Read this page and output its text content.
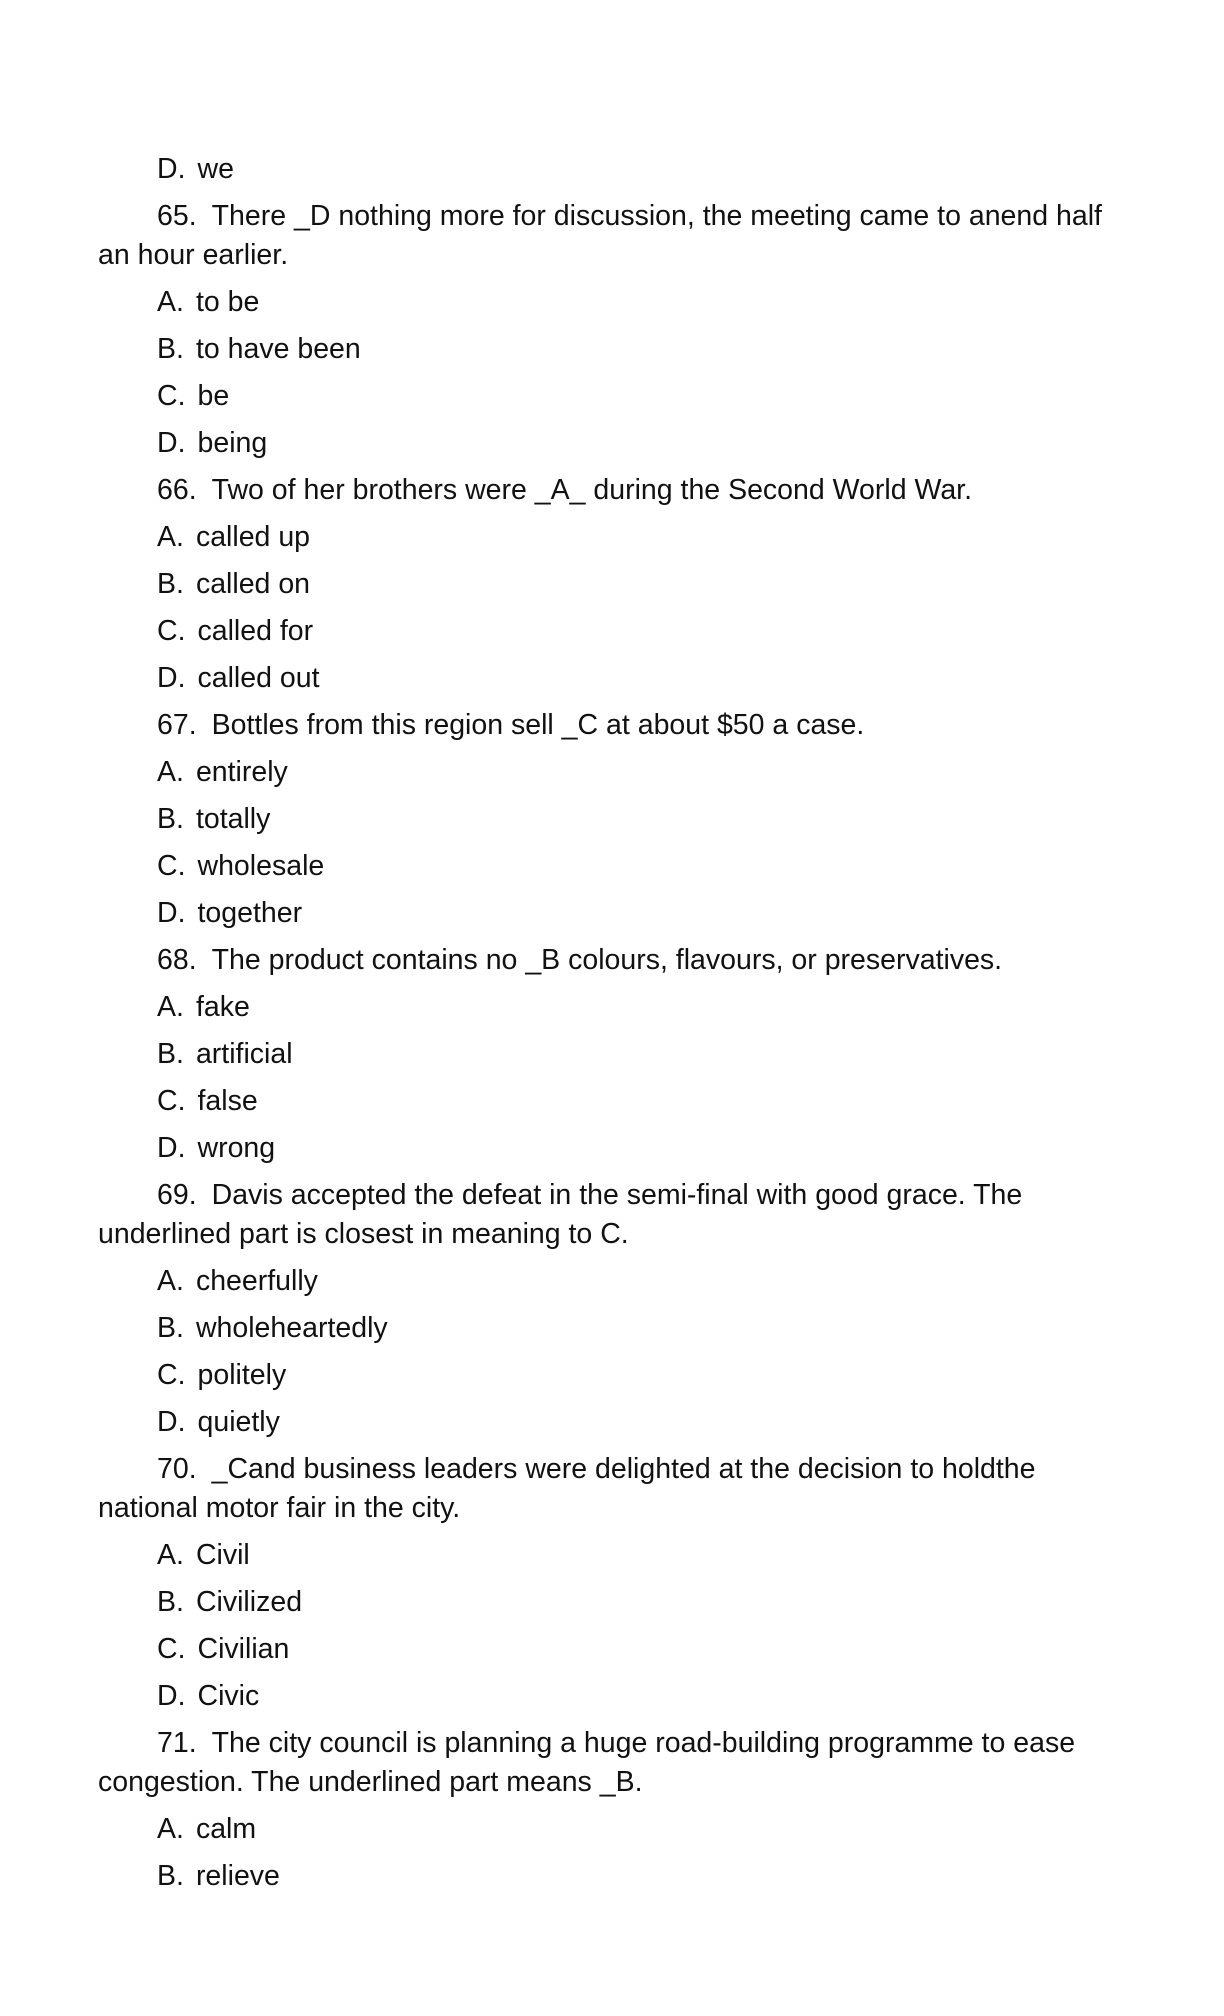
D. we
65. There _D nothing more for discussion, the meeting came to anend half an hour earlier.
A. to be
B. to have been
C. be
D. being
66. Two of her brothers were _A_ during the Second World War.
A. called up
B. called on
C. called for
D. called out
67. Bottles from this region sell _C at about $50 a case.
A. entirely
B. totally
C. wholesale
D. together
68. The product contains no _B colours, flavours, or preservatives.
A. fake
B. artificial
C. false
D. wrong
69. Davis accepted the defeat in the semi-final with good grace. The underlined part is closest in meaning to C.
A. cheerfully
B. wholeheartedly
C. politely
D. quietly
70. _Cand business leaders were delighted at the decision to holdthe national motor fair in the city.
A. Civil
B. Civilized
C. Civilian
D. Civic
71. The city council is planning a huge road-building programme to ease congestion. The underlined part means _B.
A. calm
B. relieve
